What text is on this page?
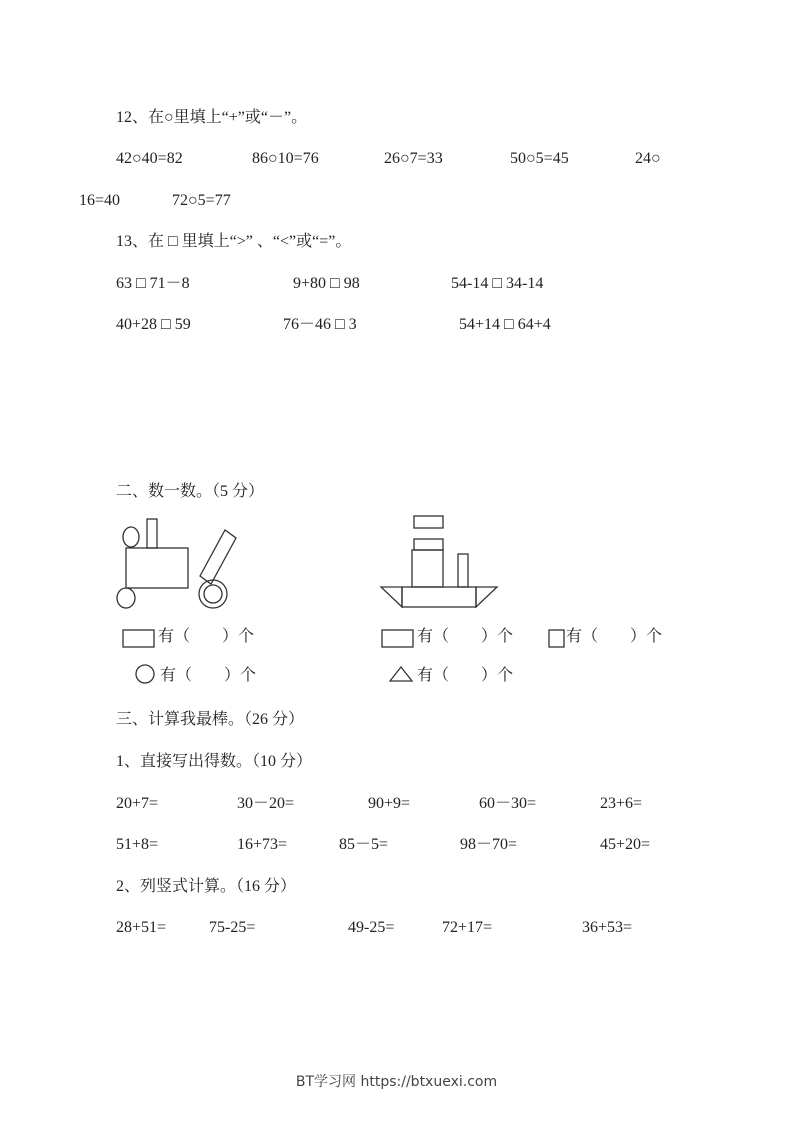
12、在○里填上“+”或“－”。
42○40=82	86○10=76	26○7=33	50○5=45	24○
16=40	72○5=77
13、在 □ 里填上“>” 、“<”或“=”。
63 □ 71－8	9+80 □ 98	54-14 □ 34-14
40+28 □ 59	76－46 □ 3	54+14 □ 64+4
二、数一数。（5 分）
有（　　）个
有（　　）个
有（　　）个	有（　　）个
有（　　）个
三、计算我最棒。（26 分）
1、直接写出得数。（10 分）
20+7=	30－20=	90+9=	60－30=	23+6=
51+8=	16+73=	85－5=	98－70=	45+20=
2、列竖式计算。（16 分）
28+51=	75-25=	49-25=	72+17=	36+53=
BT学习网 https://btxuexi.com
